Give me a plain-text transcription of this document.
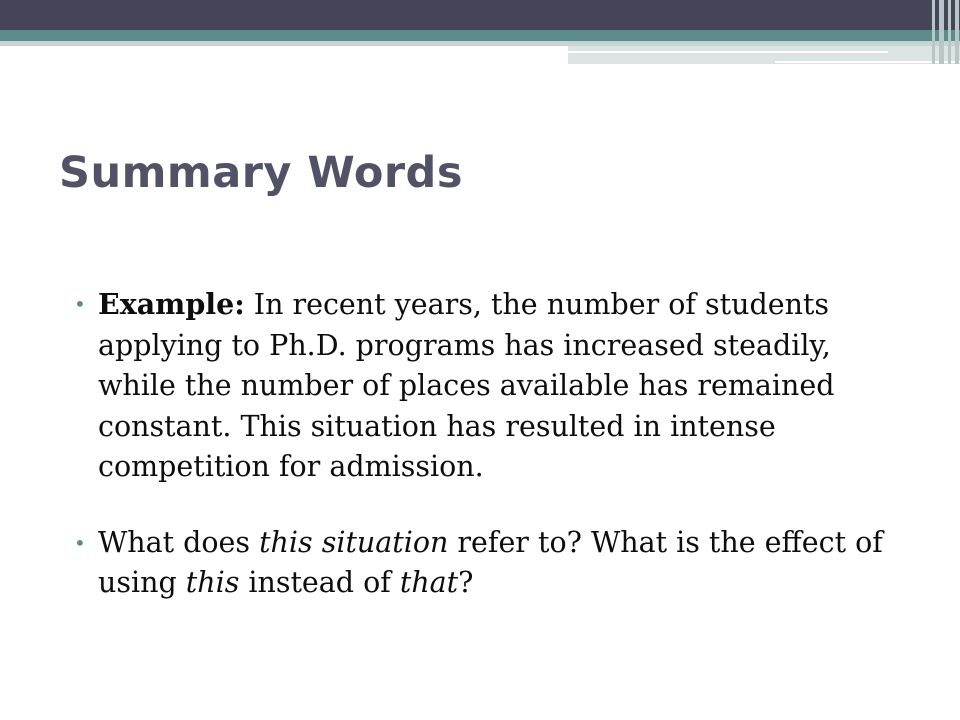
Summary Words
• Example: In recent years, the number of students applying to Ph.D. programs has increased steadily, while the number of places available has remained constant. This situation has resulted in intense competition for admission.
• What does this situation refer to? What is the effect of using this instead of that?
